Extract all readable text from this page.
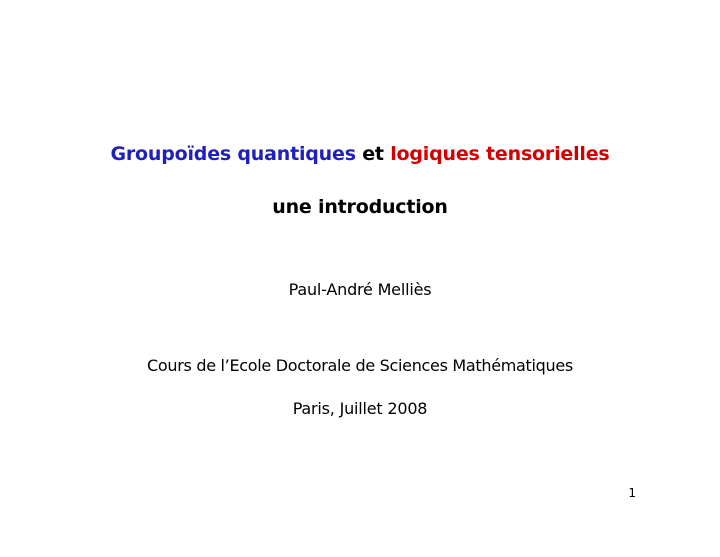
Groupoïdes quantiques et logiques tensorielles
une introduction
Paul-André Melliès
Cours de l’Ecole Doctorale de Sciences Mathématiques
Paris, Juillet 2008
1
